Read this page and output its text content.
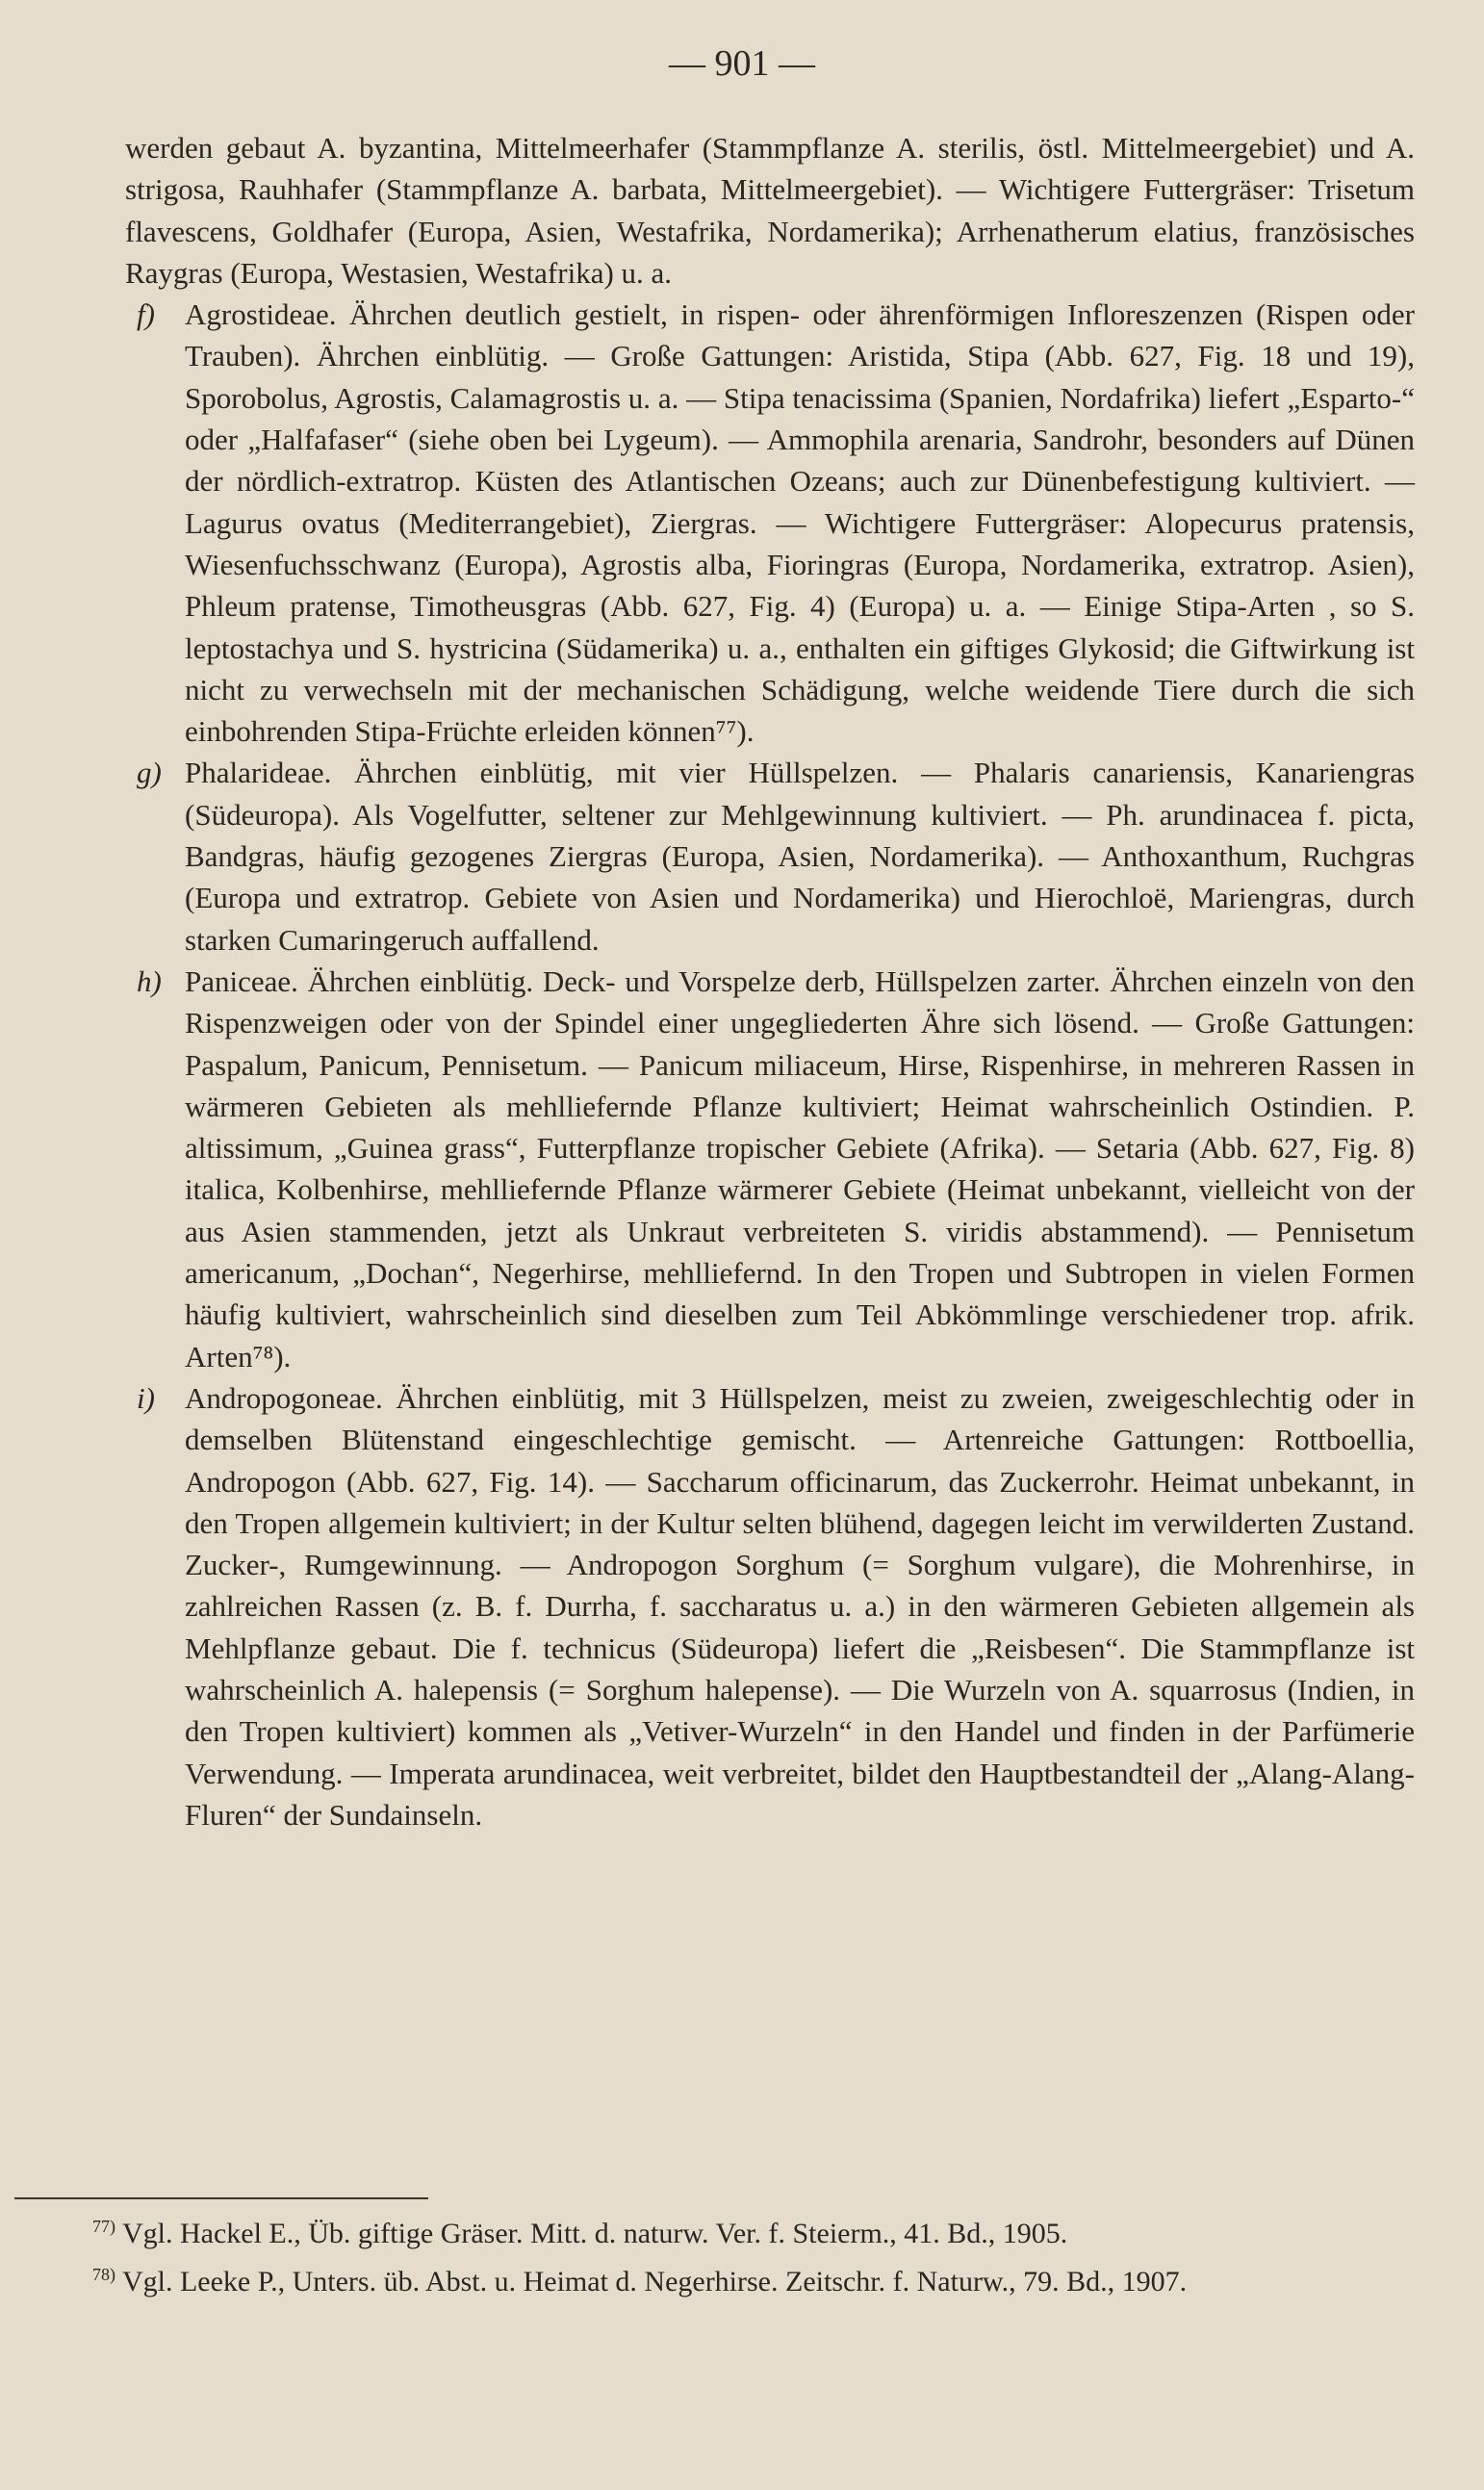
— 901 —

werden gebaut A. byzantina, Mittelmeerhafer (Stammpflanze A. sterilis, östl. Mittelmeergebiet) und A. strigosa, Rauhhafer (Stammpflanze A. barbata, Mittelmeergebiet). — Wichtigere Futtergräser: Trisetum flavescens, Goldhafer (Europa, Asien, Westafrika, Nordamerika); Arrhenatherum elatius, französisches Raygras (Europa, Westasien, Westafrika) u. a.

f) Agrostideae. Ährchen deutlich gestielt, in rispen- oder ährenförmigen Infloreszenzen (Rispen oder Trauben). Ährchen einblütig. — Große Gattungen: Aristida, Stipa (Abb. 627, Fig. 18 und 19), Sporobolus, Agrostis, Calamagrostis u. a. — Stipa tenacissima (Spanien, Nordafrika) liefert „Esparto-“ oder „Halfafaser“ (siehe oben bei Lygeum). — Ammophila arenaria, Sandrohr, besonders auf Dünen der nördlich-extratrop. Küsten des Atlantischen Ozeans; auch zur Dünenbefestigung kultiviert. — Lagurus ovatus (Mediterrangebiet), Ziergras. — Wichtigere Futtergräser: Alopecurus pratensis, Wiesenfuchsschwanz (Europa), Agrostis alba, Fioringras (Europa, Nordamerika, extratrop. Asien), Phleum pratense, Timotheusgras (Abb. 627, Fig. 4) (Europa) u. a. — Einige Stipa-Arten , so S. leptostachya und S. hystricina (Südamerika) u. a., enthalten ein giftiges Glykosid; die Giftwirkung ist nicht zu verwechseln mit der mechanischen Schädigung, welche weidende Tiere durch die sich einbohrenden Stipa-Früchte erleiden können⁷⁷).

g) Phalarideae. Ährchen einblütig, mit vier Hüllspelzen. — Phalaris canariensis, Kanariengras (Südeuropa). Als Vogelfutter, seltener zur Mehlgewinnung kultiviert. — Ph. arundinacea f. picta, Bandgras, häufig gezogenes Ziergras (Europa, Asien, Nordamerika). — Anthoxanthum, Ruchgras (Europa und extratrop. Gebiete von Asien und Nordamerika) und Hierochloë, Mariengras, durch starken Cumaringeruch auffallend.

h) Paniceae. Ährchen einblütig. Deck- und Vorspelze derb, Hüllspelzen zarter. Ährchen einzeln von den Rispenzweigen oder von der Spindel einer ungegliederten Ähre sich lösend. — Große Gattungen: Paspalum, Panicum, Pennisetum. — Panicum miliaceum, Hirse, Rispenhirse, in mehreren Rassen in wärmeren Gebieten als mehlliefernde Pflanze kultiviert; Heimat wahrscheinlich Ostindien. P. altissimum, „Guinea grass“, Futterpflanze tropischer Gebiete (Afrika). — Setaria (Abb. 627, Fig. 8) italica, Kolbenhirse, mehlliefernde Pflanze wärmerer Gebiete (Heimat unbekannt, vielleicht von der aus Asien stammenden, jetzt als Unkraut verbreiteten S. viridis abstammend). — Pennisetum americanum, „Dochan“, Negerhirse, mehlliefernd. In den Tropen und Subtropen in vielen Formen häufig kultiviert, wahrscheinlich sind dieselben zum Teil Abkömmlinge verschiedener trop. afrik. Arten⁷⁸).

i) Andropogoneae. Ährchen einblütig, mit 3 Hüllspelzen, meist zu zweien, zweigeschlechtig oder in demselben Blütenstand eingeschlechtige gemischt. — Artenreiche Gattungen: Rottboellia, Andropogon (Abb. 627, Fig. 14). — Saccharum officinarum, das Zuckerrohr. Heimat unbekannt, in den Tropen allgemein kultiviert; in der Kultur selten blühend, dagegen leicht im verwilderten Zustand. Zucker-, Rumgewinnung. — Andropogon Sorghum (= Sorghum vulgare), die Mohrenhirse, in zahlreichen Rassen (z. B. f. Durrha, f. saccharatus u. a.) in den wärmeren Gebieten allgemein als Mehlpflanze gebaut. Die f. technicus (Südeuropa) liefert die „Reisbesen“. Die Stammpflanze ist wahrscheinlich A. halepensis (= Sorghum halepense). — Die Wurzeln von A. squarrosus (Indien, in den Tropen kultiviert) kommen als „Vetiver-Wurzeln“ in den Handel und finden in der Parfümerie Verwendung. — Imperata arundinacea, weit verbreitet, bildet den Hauptbestandteil der „Alang-Alang-Fluren“ der Sundainseln.

$^{77)}$ Vgl. Hackel E., Üb. giftige Gräser. Mitt. d. naturw. Ver. f. Steierm., 41. Bd., 1905.

$^{78)}$ Vgl. Leeke P., Unters. üb. Abst. u. Heimat d. Negerhirse. Zeitschr. f. Naturw., 79. Bd., 1907.
